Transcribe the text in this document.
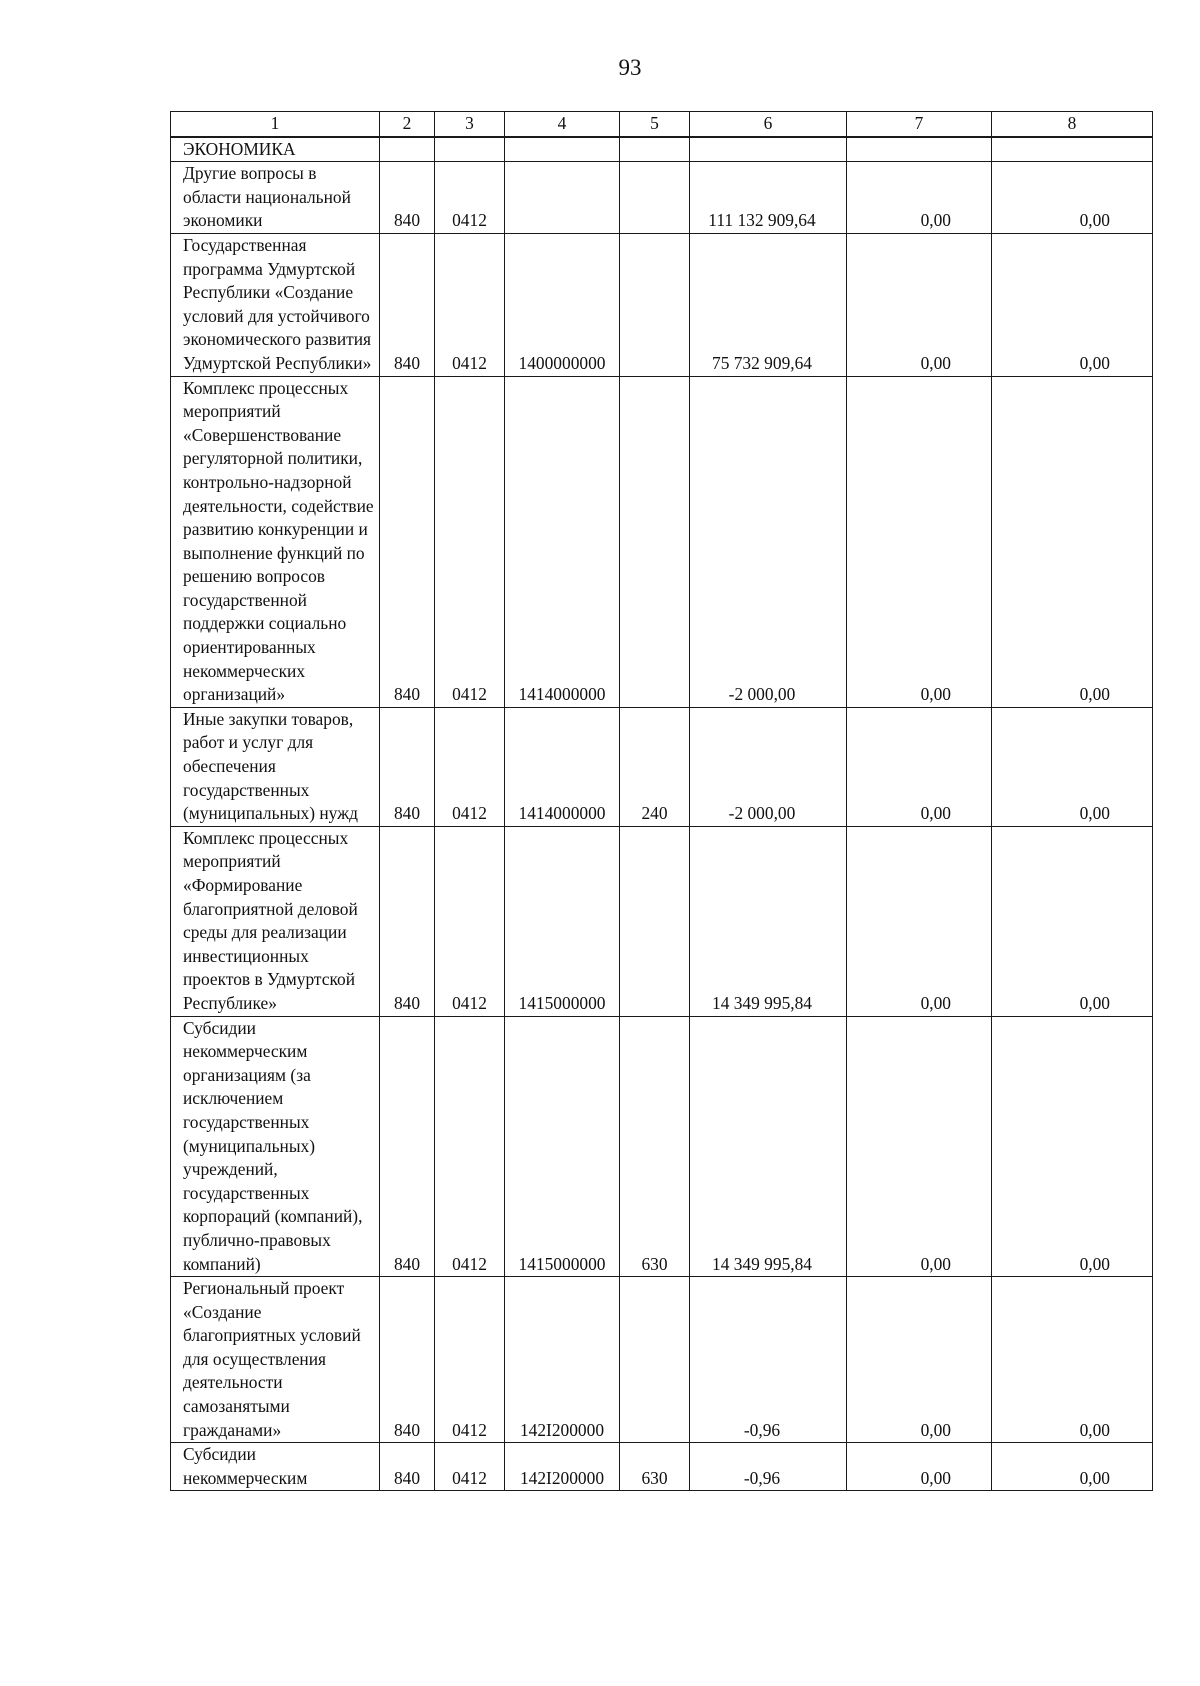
93
1	2	3	4	5	6	7	8
ЭКОНОМИКА							
Другие вопросы в области национальной экономики	840	0412			111 132 909,64	0,00	0,00
Государственная программа Удмуртской Республики «Создание условий для устойчивого экономического развития Удмуртской Республики»	840	0412	1400000000		75 732 909,64	0,00	0,00
Комплекс процессных мероприятий «Совершенствование регуляторной политики, контрольно-надзорной деятельности, содействие развитию конкуренции и выполнение функций по решению вопросов государственной поддержки социально ориентированных некоммерческих организаций»	840	0412	1414000000		-2 000,00	0,00	0,00
Иные закупки товаров, работ и услуг для обеспечения государственных (муниципальных) нужд	840	0412	1414000000	240	-2 000,00	0,00	0,00
Комплекс процессных мероприятий «Формирование благоприятной деловой среды для реализации инвестиционных проектов в Удмуртской Республике»	840	0412	1415000000		14 349 995,84	0,00	0,00
Субсидии некоммерческим организациям (за исключением государственных (муниципальных) учреждений, государственных корпораций (компаний), публично-правовых компаний)	840	0412	1415000000	630	14 349 995,84	0,00	0,00
Региональный проект «Создание благоприятных условий для осуществления деятельности самозанятыми гражданами»	840	0412	142I200000		-0,96	0,00	0,00
Субсидии некоммерческим	840	0412	142I200000	630	-0,96	0,00	0,00
